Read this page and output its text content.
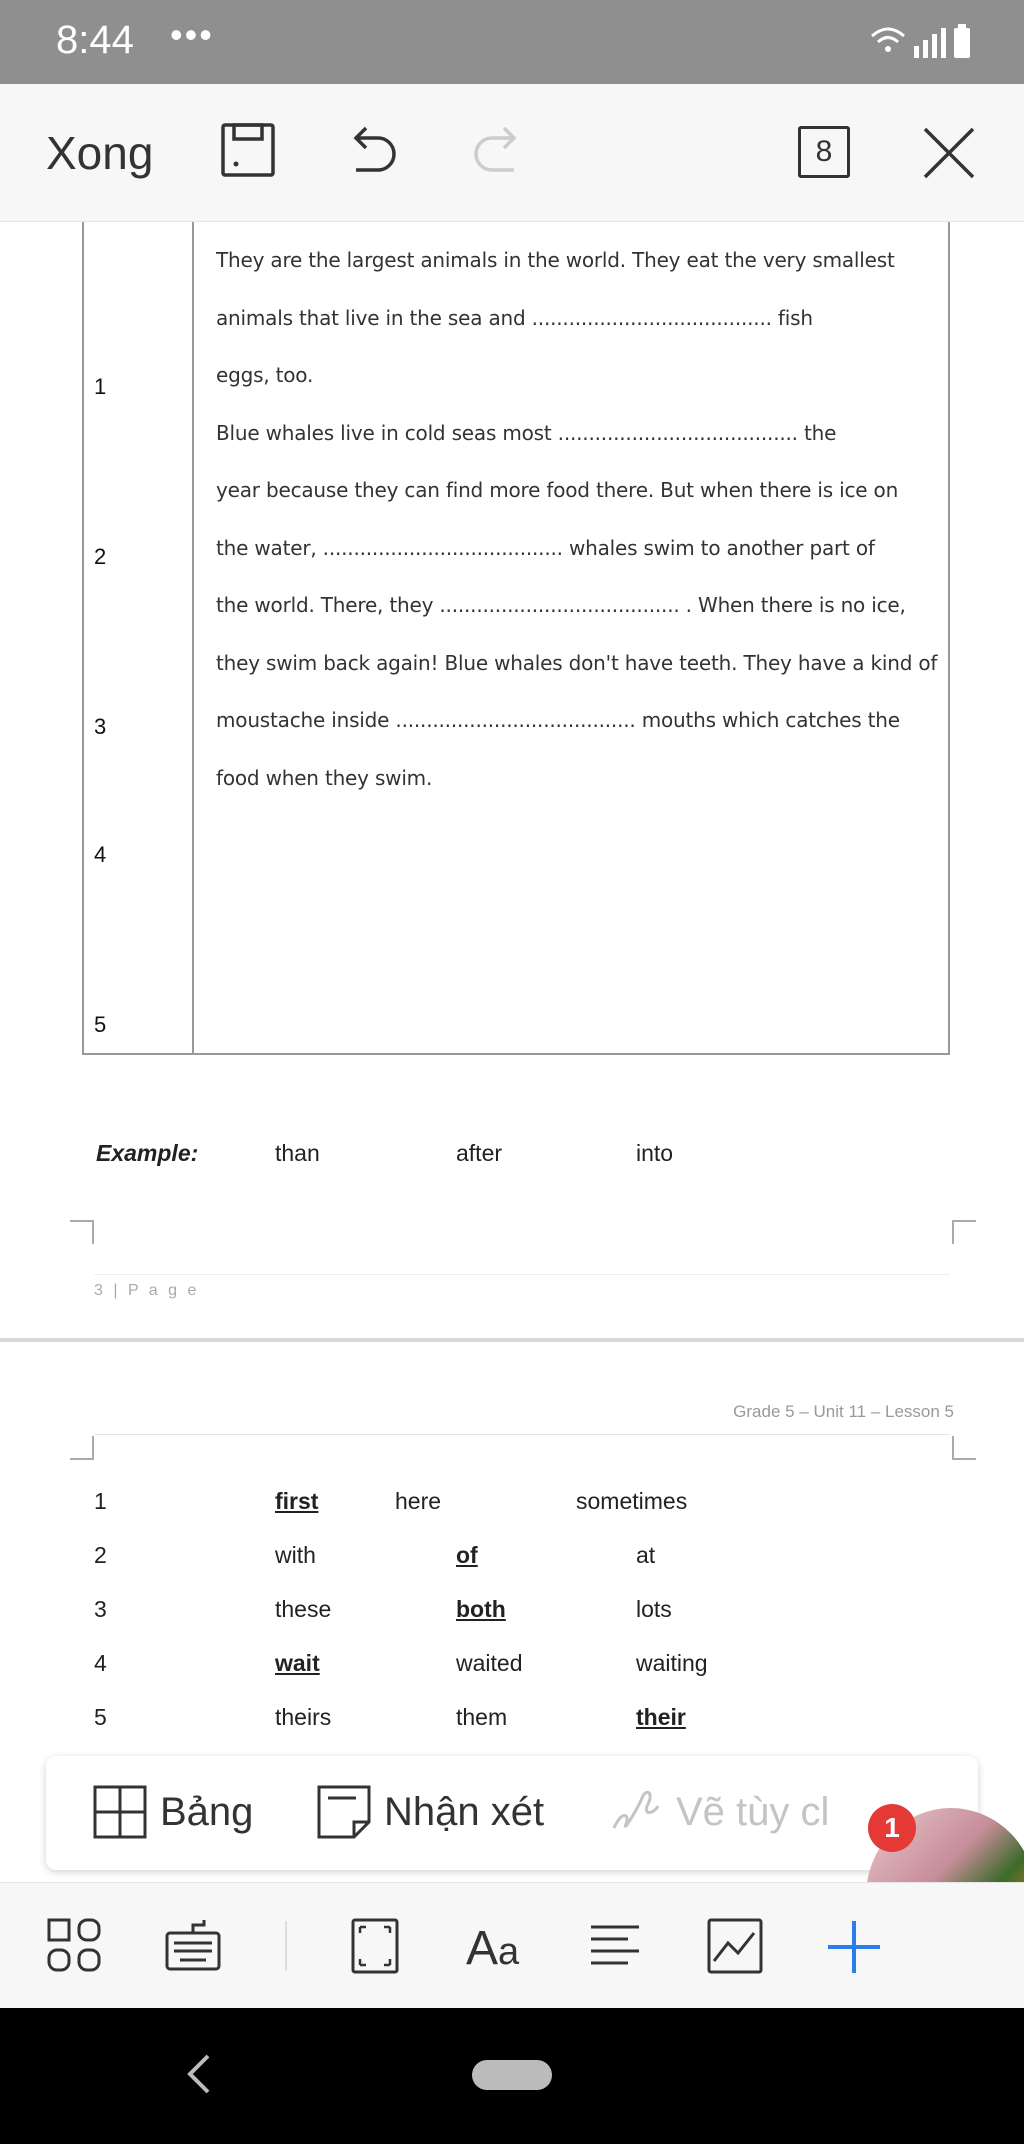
8:44 •••
Xong	8
1
2
3
4
5

They are the largest animals in the world. They eat the very smallest

animals that live in the sea and ....................................... fish

eggs, too.

Blue whales live in cold seas most ....................................... the

year because they can find more food there. But when there is ice on

the water, ....................................... whales swim to another part of

the world. There, they ....................................... . When there is no ice,

they swim back again! Blue whales don't have teeth. They have a kind of

moustache inside ....................................... mouths which catches the

food when they swim.

Example:	than	after	into
3 | P a g e
Grade 5 – Unit 11 – Lesson 5
1	first	here	sometimes
2	with	of	at
3	these	both	lots
4	wait	waited	waiting
5	theirs	them	their
Bảng	Nhận xét	Vẽ tùy cl	1
Aa
